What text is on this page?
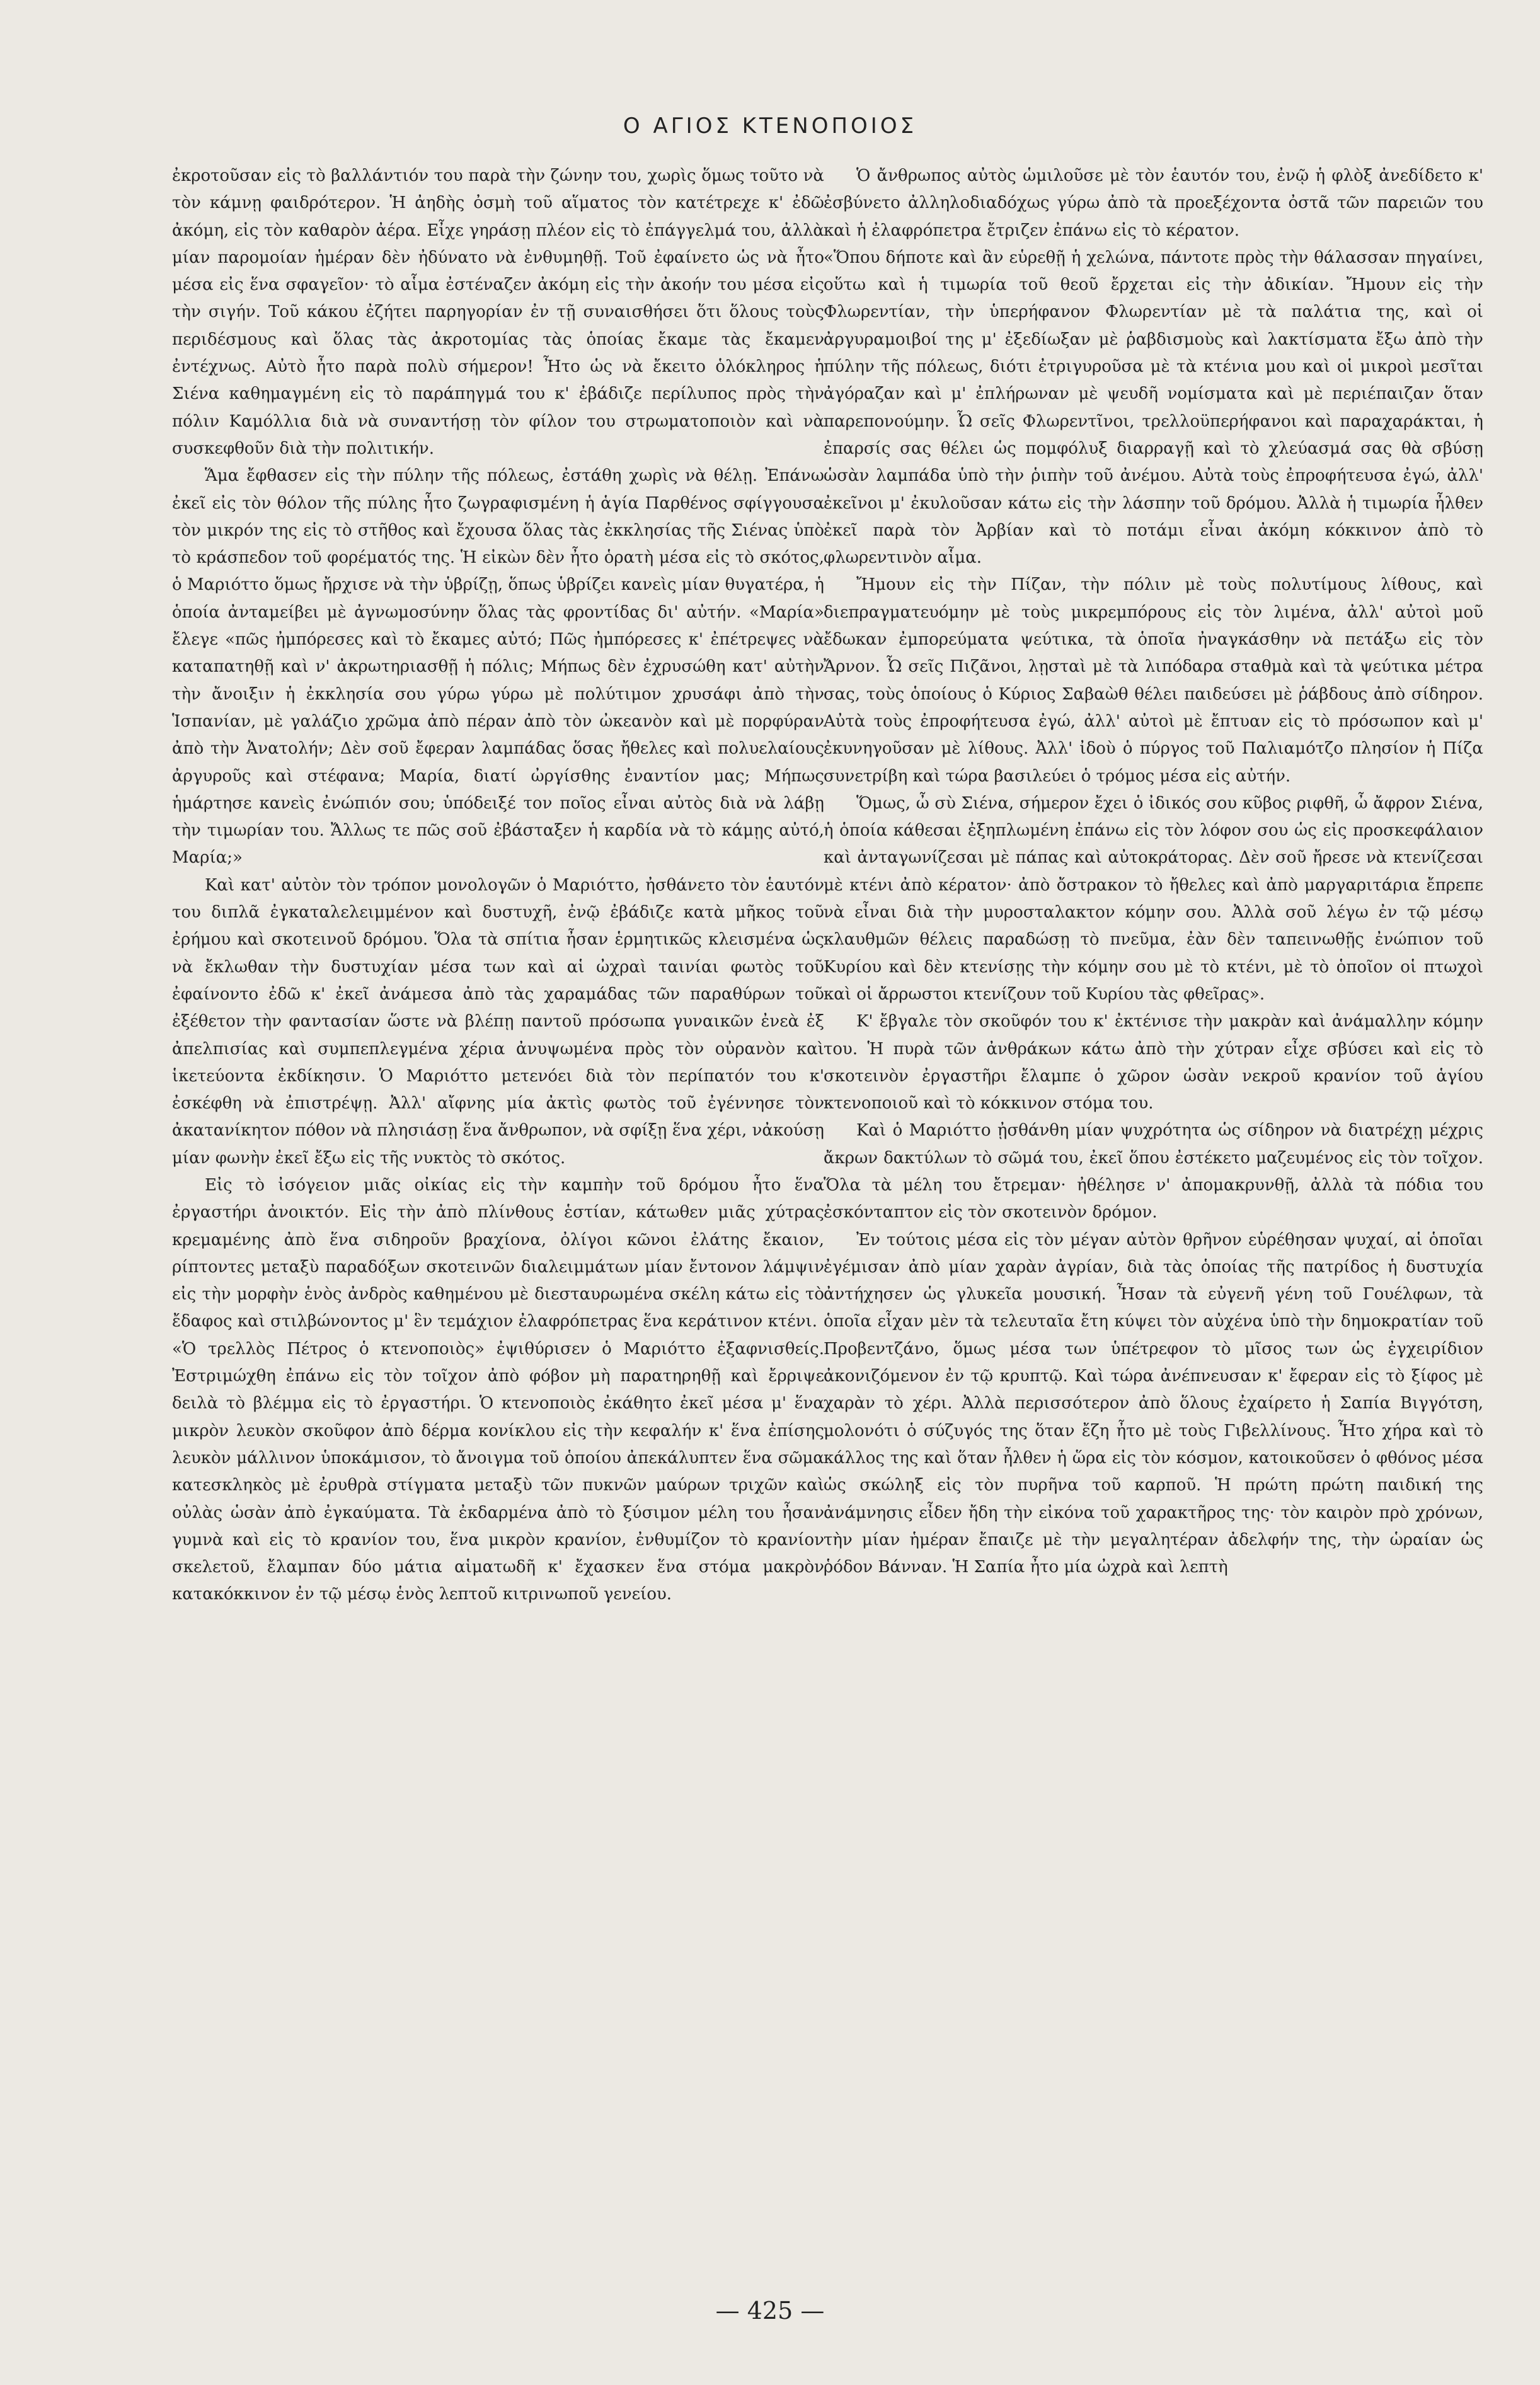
Ο ΑΓΙΟΣ ΚΤΕΝΟΠΟΙΟΣ

ἐκροτοῦσαν εἰς τὸ βαλλάντιόν του παρὰ τὴν ζώνην του, χωρὶς ὅμως τοῦτο νὰ τὸν κάμνῃ φαιδρότερον. Ἡ ἀηδὴς ὀσμὴ τοῦ αἵματος τὸν κατέτρεχε κ' ἐδῶ ἀκόμη, εἰς τὸν καθαρὸν ἀέρα. Εἶχε γηράσῃ πλέον εἰς τὸ ἐπάγγελμά του, ἀλλὰ μίαν παρομοίαν ἡμέραν δὲν ἠδύνατο νὰ ἐνθυμηθῇ. Τοῦ ἐφαίνετο ὡς νὰ ἦτο μέσα εἰς ἕνα σφαγεῖον· τὸ αἷμα ἐστέναζεν ἀκόμη εἰς τὴν ἀκοήν του μέσα εἰς τὴν σιγήν. Τοῦ κάκου ἐζήτει παρηγορίαν ἐν τῇ συναισθήσει ὅτι ὅλους τοὺς περιδέσμους καὶ ὅλας τὰς ἀκροτομίας τὰς ὁποίας ἔκαμε τὰς ἔκαμεν ἐντέχνως. Αὐτὸ ἦτο παρὰ πολὺ σήμερον! Ἦτο ὡς νὰ ἔκειτο ὁλόκληρος ἡ Σιένα καθημαγμένη εἰς τὸ παράπηγμά του κ' ἐβάδιζε περίλυπος πρὸς τὴν πόλιν Καμόλλια διὰ νὰ συναντήσῃ τὸν φίλον του στρωματοποιὸν καὶ νὰ συσκεφθοῦν διὰ τὴν πολιτικήν.

Ἅμα ἔφθασεν εἰς τὴν πύλην τῆς πόλεως, ἐστάθη χωρὶς νὰ θέλῃ. Ἐπάνω ἐκεῖ εἰς τὸν θόλον τῆς πύλης ἦτο ζωγραφισμένη ἡ ἁγία Παρθένος σφίγγουσα τὸν μικρόν της εἰς τὸ στῆθος καὶ ἔχουσα ὅλας τὰς ἐκκλησίας τῆς Σιένας ὑπὸ τὸ κράσπεδον τοῦ φορέματός της. Ἡ εἰκὼν δὲν ἦτο ὁρατὴ μέσα εἰς τὸ σκότος, ὁ Μαριόττο ὅμως ἤρχισε νὰ τὴν ὑβρίζῃ, ὅπως ὑβρίζει κανεὶς μίαν θυγατέρα, ἡ ὁποία ἀνταμείβει μὲ ἀγνωμοσύνην ὅλας τὰς φροντίδας δι' αὐτήν. «Μαρία» ἔλεγε «πῶς ἠμπόρεσες καὶ τὸ ἔκαμες αὐτό; Πῶς ἠμπόρεσες κ' ἐπέτρεψες νὰ καταπατηθῇ καὶ ν' ἀκρωτηριασθῇ ἡ πόλις; Μήπως δὲν ἐχρυσώθη κατ' αὐτὴν τὴν ἄνοιξιν ἡ ἐκκλησία σου γύρω γύρω μὲ πολύτιμον χρυσάφι ἀπὸ τὴν Ἱσπανίαν, μὲ γαλάζιο χρῶμα ἀπὸ πέραν ἀπὸ τὸν ὠκεανὸν καὶ μὲ πορφύραν ἀπὸ τὴν Ἀνατολήν; Δὲν σοῦ ἔφεραν λαμπάδας ὅσας ἤθελες καὶ πολυελαίους ἀργυροῦς καὶ στέφανα; Μαρία, διατί ὠργίσθης ἐναντίον μας; Μήπως ἡμάρτησε κανεὶς ἐνώπιόν σου; ὑπόδειξέ τον ποῖος εἶναι αὐτὸς διὰ νὰ λάβῃ τὴν τιμωρίαν του. Ἄλλως τε πῶς σοῦ ἐβάσταξεν ἡ καρδία νὰ τὸ κάμῃς αὐτό, Μαρία;»

Καὶ κατ' αὐτὸν τὸν τρόπον μονολογῶν ὁ Μαριόττο, ἠσθάνετο τὸν ἑαυτόν του διπλᾶ ἐγκαταλελειμμένον καὶ δυστυχῆ, ἐνῷ ἐβάδιζε κατὰ μῆκος τοῦ ἐρήμου καὶ σκοτεινοῦ δρόμου. Ὅλα τὰ σπίτια ἦσαν ἑρμητικῶς κλεισμένα ὡς νὰ ἔκλωθαν τὴν δυστυχίαν μέσα των καὶ αἱ ὠχραὶ ταινίαι φωτὸς τοῦ ἐφαίνοντο ἐδῶ κ' ἐκεῖ ἀνάμεσα ἀπὸ τὰς χαραμάδας τῶν παραθύρων τοῦ ἐξέθετον τὴν φαντασίαν ὥστε νὰ βλέπῃ παντοῦ πρόσωπα γυναικῶν ἐνεὰ ἐξ ἀπελπισίας καὶ συμπεπλεγμένα χέρια ἀνυψωμένα πρὸς τὸν οὐρανὸν καὶ ἱκετεύοντα ἐκδίκησιν. Ὁ Μαριόττο μετενόει διὰ τὸν περίπατόν του κ' ἐσκέφθη νὰ ἐπιστρέψῃ. Ἀλλ' αἴφνης μία ἀκτὶς φωτὸς τοῦ ἐγέννησε τὸν ἀκατανίκητον πόθον νὰ πλησιάσῃ ἕνα ἄνθρωπον, νὰ σφίξῃ ἕνα χέρι, νἀκούσῃ μίαν φωνὴν ἐκεῖ ἔξω εἰς τῆς νυκτὸς τὸ σκότος.

Εἰς τὸ ἰσόγειον μιᾶς οἰκίας εἰς τὴν καμπὴν τοῦ δρόμου ἦτο ἕνα ἐργαστήρι ἀνοικτόν. Εἰς τὴν ἀπὸ πλίνθους ἑστίαν, κάτωθεν μιᾶς χύτρας κρεμαμένης ἀπὸ ἕνα σιδηροῦν βραχίονα, ὀλίγοι κῶνοι ἐλάτης ἔκαιον, ρίπτοντες μεταξὺ παραδόξων σκοτεινῶν διαλειμμάτων μίαν ἔντονον λάμψιν εἰς τὴν μορφὴν ἑνὸς ἀνδρὸς καθημένου μὲ διεσταυρωμένα σκέλη κάτω εἰς τὸ ἔδαφος καὶ στιλβώνοντος μ' ἓν τεμάχιον ἐλαφρόπετρας ἕνα κεράτινον κτένι.

«Ὁ τρελλὸς Πέτρος ὁ κτενοποιὸς» ἐψιθύρισεν ὁ Μαριόττο ἐξαφνισθείς. Ἐστριμώχθη ἐπάνω εἰς τὸν τοῖχον ἀπὸ φόβον μὴ παρατηρηθῇ καὶ ἔρριψε δειλὰ τὸ βλέμμα εἰς τὸ ἐργαστήρι. Ὁ κτενοποιὸς ἐκάθητο ἐκεῖ μέσα μ' ἕνα μικρὸν λευκὸν σκοῦφον ἀπὸ δέρμα κονίκλου εἰς τὴν κεφαλήν κ' ἕνα ἐπίσης λευκὸν μάλλινον ὑποκάμισον, τὸ ἄνοιγμα τοῦ ὁποίου ἀπεκάλυπτεν ἕνα σῶμα κατεσκληκὸς μὲ ἐρυθρὰ στίγματα μεταξὺ τῶν πυκνῶν μαύρων τριχῶν καὶ οὐλὰς ὡσὰν ἀπὸ ἐγκαύματα. Τὰ ἐκδαρμένα ἀπὸ τὸ ξύσιμον μέλη του ἦσαν γυμνὰ καὶ εἰς τὸ κρανίον του, ἕνα μικρὸν κρανίον, ἐνθυμίζον τὸ κρανίον σκελετοῦ, ἔλαμπαν δύο μάτια αἱματωδῆ κ' ἔχασκεν ἕνα στόμα μακρὸν κατακόκκινον ἐν τῷ μέσῳ ἑνὸς λεπτοῦ κιτρινωποῦ γενείου.

Ὁ ἄνθρωπος αὐτὸς ὡμιλοῦσε μὲ τὸν ἑαυτόν του, ἐνῷ ἡ φλὸξ ἀνεδίδετο κ' ἐσβύνετο ἀλληλοδιαδόχως γύρω ἀπὸ τὰ προεξέχοντα ὀστᾶ τῶν παρειῶν του καὶ ἡ ἐλαφρόπετρα ἔτριζεν ἐπάνω εἰς τὸ κέρατον.

«Ὅπου δήποτε καὶ ἂν εὑρεθῇ ἡ χελώνα, πάντοτε πρὸς τὴν θάλασσαν πηγαίνει, οὕτω καὶ ἡ τιμωρία τοῦ θεοῦ ἔρχεται εἰς τὴν ἀδικίαν. Ἤμουν εἰς τὴν Φλωρεντίαν, τὴν ὑπερήφανον Φλωρεντίαν μὲ τὰ παλάτια της, καὶ οἱ ἀργυραμοιβοί της μ' ἐξεδίωξαν μὲ ῥαβδισμοὺς καὶ λακτίσματα ἔξω ἀπὸ τὴν πύλην τῆς πόλεως, διότι ἐτριγυροῦσα μὲ τὰ κτένια μου καὶ οἱ μικροὶ μεσῖται ἀγόραζαν καὶ μ' ἐπλήρωναν μὲ ψευδῆ νομίσματα καὶ μὲ περιέπαιζαν ὅταν παρεπονούμην. Ὦ σεῖς Φλωρεντῖνοι, τρελλοϋπερήφανοι καὶ παραχαράκται, ἡ ἐπαρσίς σας θέλει ὡς πομφόλυξ διαρραγῇ καὶ τὸ χλεύασμά σας θὰ σβύσῃ ὡσὰν λαμπάδα ὑπὸ τὴν ῥιπὴν τοῦ ἀνέμου. Αὐτὰ τοὺς ἐπροφήτευσα ἐγώ, ἀλλ' ἐκεῖνοι μ' ἐκυλοῦσαν κάτω εἰς τὴν λάσπην τοῦ δρόμου. Ἀλλὰ ἡ τιμωρία ἦλθεν ἐκεῖ παρὰ τὸν Ἀρβίαν καὶ τὸ ποτάμι εἶναι ἀκόμη κόκκινον ἀπὸ τὸ φλωρεντινὸν αἷμα.

Ἤμουν εἰς τὴν Πίζαν, τὴν πόλιν μὲ τοὺς πολυτίμους λίθους, καὶ διεπραγματευόμην μὲ τοὺς μικρεμπόρους εἰς τὸν λιμένα, ἀλλ' αὐτοὶ μοῦ ἔδωκαν ἐμπορεύματα ψεύτικα, τὰ ὁποῖα ἠναγκάσθην νὰ πετάξω εἰς τὸν Ἄρνον. Ὦ σεῖς Πιζᾶνοι, λῃσταὶ μὲ τὰ λιπόδαρα σταθμὰ καὶ τὰ ψεύτικα μέτρα σας, τοὺς ὁποίους ὁ Κύριος Σαβαὼθ θέλει παιδεύσει μὲ ῥάβδους ἀπὸ σίδηρον. Αὐτὰ τοὺς ἐπροφήτευσα ἐγώ, ἀλλ' αὐτοὶ μὲ ἔπτυαν εἰς τὸ πρόσωπον καὶ μ' ἐκυνηγοῦσαν μὲ λίθους. Ἀλλ' ἰδοὺ ὁ πύργος τοῦ Παλιαμότζο πλησίον ἡ Πίζα συνετρίβη καὶ τώρα βασιλεύει ὁ τρόμος μέσα εἰς αὐτήν.

Ὅμως, ὦ σὺ Σιένα, σήμερον ἔχει ὁ ἰδικός σου κῦβος ριφθῆ, ὦ ἄφρον Σιένα, ἡ ὁποία κάθεσαι ἐξηπλωμένη ἐπάνω εἰς τὸν λόφον σου ὡς εἰς προσκεφάλαιον καὶ ἀνταγωνίζεσαι μὲ πάπας καὶ αὐτοκράτορας. Δὲν σοῦ ἤρεσε νὰ κτενίζεσαι μὲ κτένι ἀπὸ κέρατον· ἀπὸ ὄστρακον τὸ ἤθελες καὶ ἀπὸ μαργαριτάρια ἔπρεπε νὰ εἶναι διὰ τὴν μυροσταλακτον κόμην σου. Ἀλλὰ σοῦ λέγω ἐν τῷ μέσῳ κλαυθμῶν θέλεις παραδώσῃ τὸ πνεῦμα, ἐὰν δὲν ταπεινωθῇς ἐνώπιον τοῦ Κυρίου καὶ δὲν κτενίσῃς τὴν κόμην σου μὲ τὸ κτένι, μὲ τὸ ὁποῖον οἱ πτωχοὶ καὶ οἱ ἄρρωστοι κτενίζουν τοῦ Κυρίου τὰς φθεῖρας».

Κ' ἔβγαλε τὸν σκοῦφόν του κ' ἐκτένισε τὴν μακρὰν καὶ ἀνάμαλλην κόμην του. Ἡ πυρὰ τῶν ἀνθράκων κάτω ἀπὸ τὴν χύτραν εἶχε σβύσει καὶ εἰς τὸ σκοτεινὸν ἐργαστῆρι ἔλαμπε ὁ χῶρον ὡσὰν νεκροῦ κρανίον τοῦ ἁγίου κτενοποιοῦ καὶ τὸ κόκκινον στόμα του.

Καὶ ὁ Μαριόττο ᾐσθάνθη μίαν ψυχρότητα ὡς σίδηρον νὰ διατρέχῃ μέχρις ἄκρων δακτύλων τὸ σῶμά του, ἐκεῖ ὅπου ἐστέκετο μαζευμένος εἰς τὸν τοῖχον. Ὅλα τὰ μέλη του ἔτρεμαν· ἠθέλησε ν' ἀπομακρυνθῇ, ἀλλὰ τὰ πόδια του ἐσκόνταπτον εἰς τὸν σκοτεινὸν δρόμον.

Ἐν τούτοις μέσα εἰς τὸν μέγαν αὐτὸν θρῆνον εὑρέθησαν ψυχαί, αἱ ὁποῖαι ἐγέμισαν ἀπὸ μίαν χαρὰν ἀγρίαν, διὰ τὰς ὁποίας τῆς πατρίδος ἡ δυστυχία ἀντήχησεν ὡς γλυκεῖα μουσική. Ἦσαν τὰ εὐγενῆ γένη τοῦ Γουέλφων, τὰ ὁποῖα εἶχαν μὲν τὰ τελευταῖα ἔτη κύψει τὸν αὐχένα ὑπὸ τὴν δημοκρατίαν τοῦ Προβεντζάνο, ὅμως μέσα των ὑπέτρεφον τὸ μῖσος των ὡς ἐγχειρίδιον ἀκονιζόμενον ἐν τῷ κρυπτῷ. Καὶ τώρα ἀνέπνευσαν κ' ἔφεραν εἰς τὸ ξίφος μὲ χαρὰν τὸ χέρι. Ἀλλὰ περισσότερον ἀπὸ ὅλους ἐχαίρετο ἡ Σαπία Βιγγότση, μολονότι ὁ σύζυγός της ὅταν ἔζη ἦτο μὲ τοὺς Γιβελλίνους. Ἦτο χήρα καὶ τὸ κάλλος της καὶ ὅταν ἦλθεν ἡ ὥρα εἰς τὸν κόσμον, κατοικοῦσεν ὁ φθόνος μέσα ὡς σκώληξ εἰς τὸν πυρῆνα τοῦ καρποῦ. Ἡ πρώτη πρώτη παιδική της ἀνάμνησις εἶδεν ἤδη τὴν εἰκόνα τοῦ χαρακτῆρος της· τὸν καιρὸν πρὸ χρόνων, τὴν μίαν ἡμέραν ἔπαιζε μὲ τὴν μεγαλητέραν ἀδελφήν της, τὴν ὡραίαν ὡς ῥόδον Βάνναν. Ἡ Σαπία ἦτο μία ὠχρὰ καὶ λεπτὴ

— 425 —
